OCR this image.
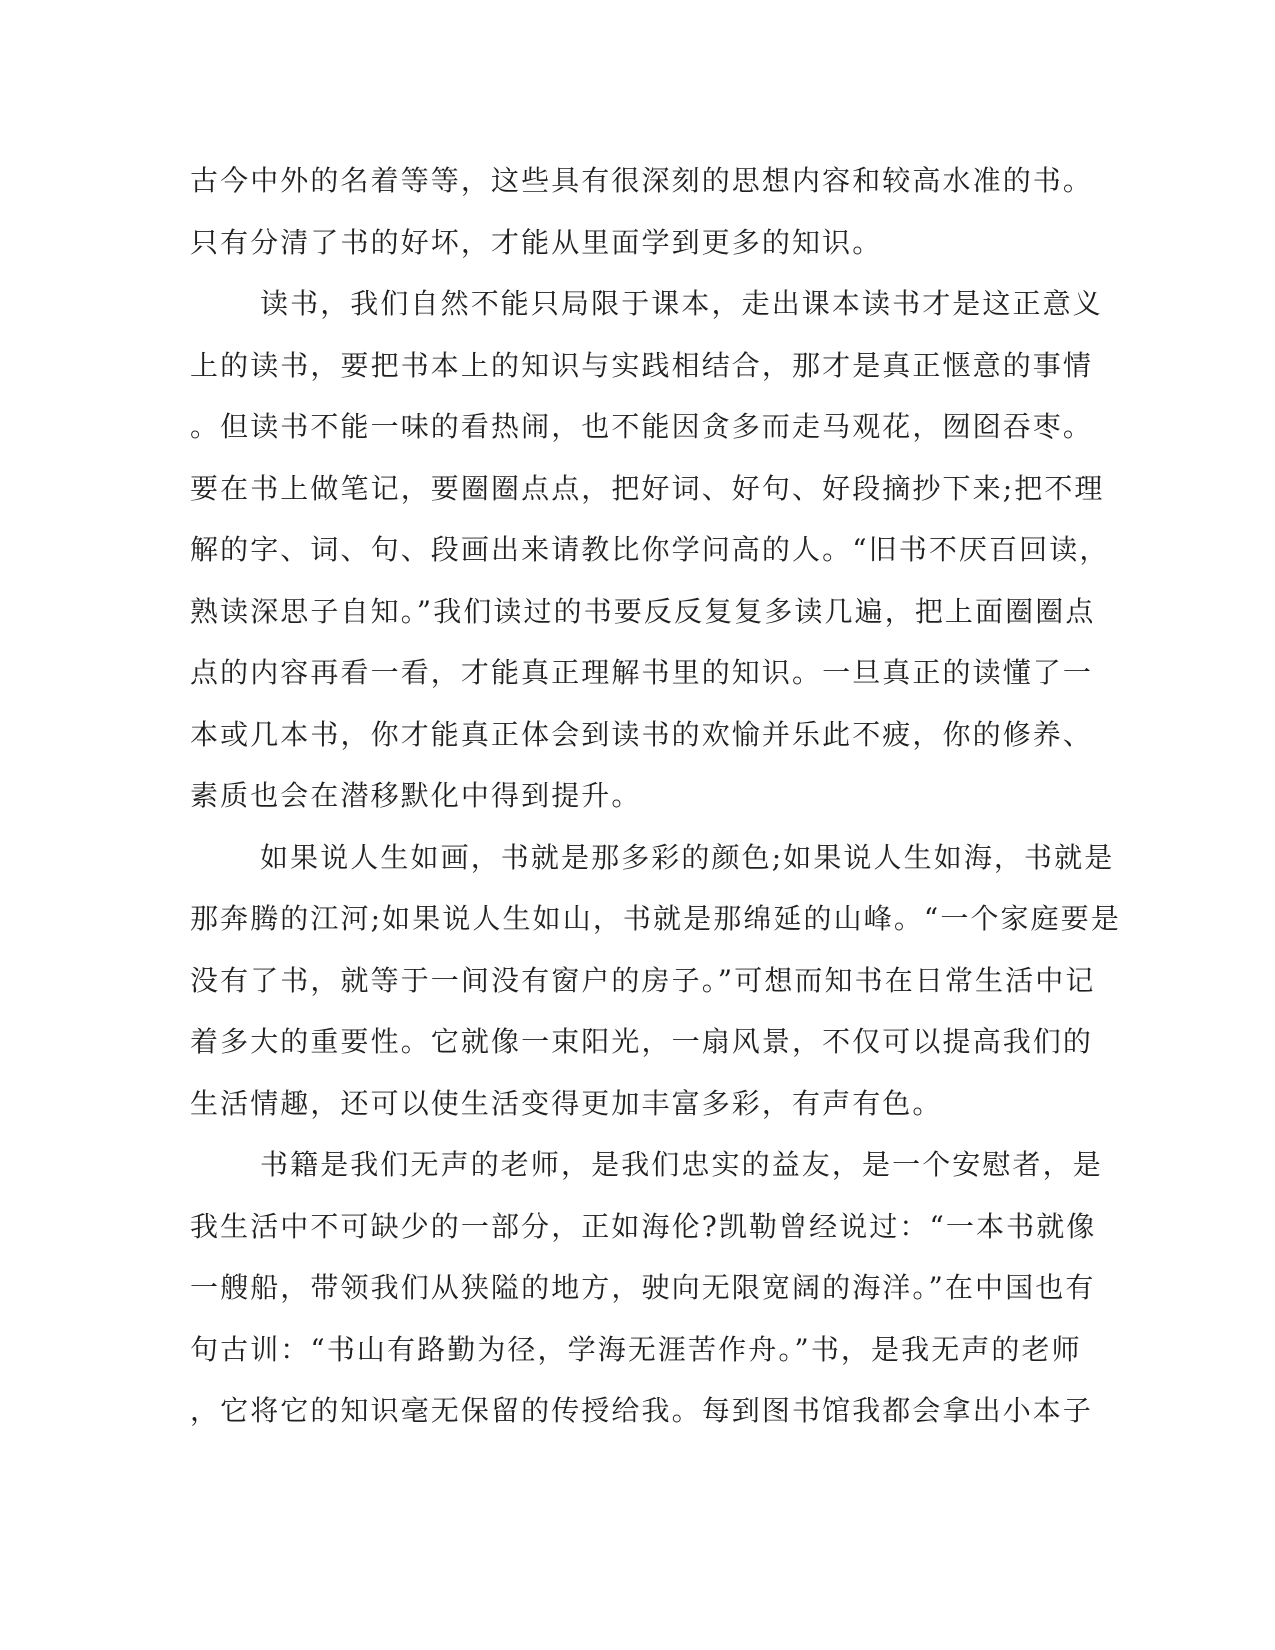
古今中外的名着等等，这些具有很深刻的思想内容和较高水准的书。
只有分清了书的好坏，才能从里面学到更多的知识。
读书，我们自然不能只局限于课本，走出课本读书才是这正意义
上的读书，要把书本上的知识与实践相结合，那才是真正惬意的事情
。但读书不能一味的看热闹，也不能因贪多而走马观花，囫囵吞枣。
要在书上做笔记，要圈圈点点，把好词、好句、好段摘抄下来;把不理
解的字、词、句、段画出来请教比你学问高的人。“旧书不厌百回读，
熟读深思子自知。”我们读过的书要反反复复多读几遍，把上面圈圈点
点的内容再看一看，才能真正理解书里的知识。一旦真正的读懂了一
本或几本书，你才能真正体会到读书的欢愉并乐此不疲，你的修养、
素质也会在潜移默化中得到提升。
如果说人生如画，书就是那多彩的颜色;如果说人生如海，书就是
那奔腾的江河;如果说人生如山，书就是那绵延的山峰。“一个家庭要是
没有了书，就等于一间没有窗户的房子。”可想而知书在日常生活中记
着多大的重要性。它就像一束阳光，一扇风景，不仅可以提高我们的
生活情趣，还可以使生活变得更加丰富多彩，有声有色。
书籍是我们无声的老师，是我们忠实的益友，是一个安慰者，是
我生活中不可缺少的一部分，正如海伦?凯勒曾经说过：“一本书就像
一艘船，带领我们从狭隘的地方，驶向无限宽阔的海洋。”在中国也有
句古训：“书山有路勤为径，学海无涯苦作舟。”书，是我无声的老师
，它将它的知识毫无保留的传授给我。每到图书馆我都会拿出小本子
